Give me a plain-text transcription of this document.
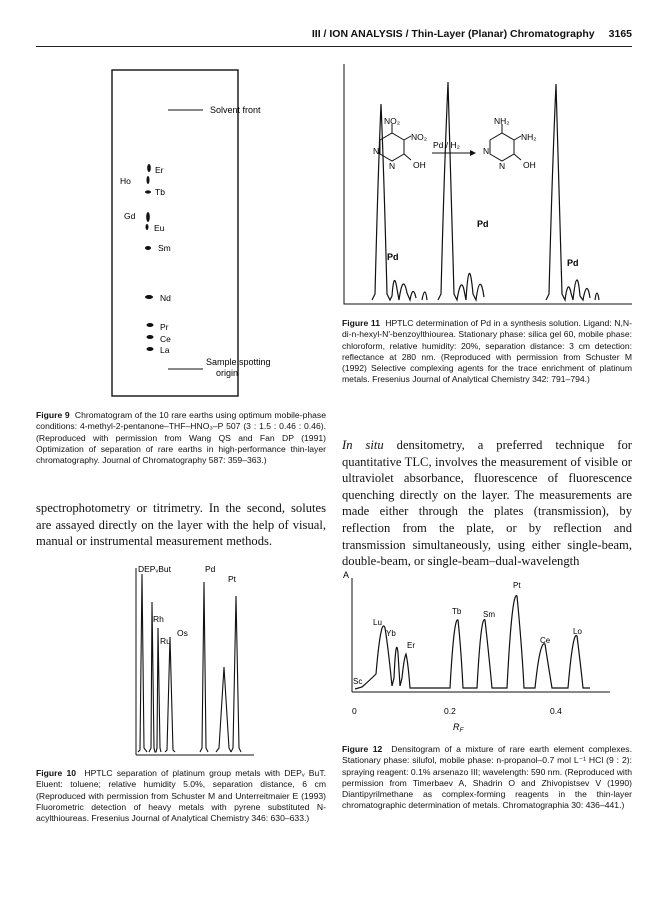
III / ION ANALYSIS / Thin-Layer (Planar) Chromatography 3165
Solvent front
Sample spotting
origin
Er
Ho
Tb
Gd
Eu
Sm
Nd
Pr
Ce
La
Figure 9 Chromatogram of the 10 rare earths using optimum mobile-phase conditions: 4-methyl-2-pentanone–THF–HNO₃–P 507 (3 : 1.5 : 0.46 : 0.46). (Reproduced with permission from Wang QS and Fan DP (1991) Optimization of separation of rare earths in high-performance thin-layer chromatography. Journal of Chromatography 587: 359–363.)
NO₂
NO₂
N
N OH
Pd / H₂
NH₂
NH₂
N
N OH
Pd
Pd
Pd
Figure 11 HPTLC determination of Pd in a synthesis solution. Ligand: N,N-di-n-hexyl-N′-benzoylthiourea. Stationary phase: silica gel 60, mobile phase: chloroform, relative humidity: 20%, separation distance: 3 cm detection: reflectance at 280 nm. (Reproduced with permission from Schuster M (1992) Selective complexing agents for the trace enrichment of platinum metals. Fresenius Journal of Analytical Chemistry 342: 791–794.)
spectrophotometry or titrimetry. In the second, solutes are assayed directly on the layer with the help of visual, manual or instrumental measurement methods.
In situ densitometry, a preferred technique for quantitative TLC, involves the measurement of visible or ultraviolet absorbance, fluorescence of fluorescence quenching directly on the layer. The measurements are made either through the plates (transmission), by reflection from the plate, or by reflection and transmission simultaneously, using either single-beam, double-beam, or single-beam–dual-wavelength
DEPᵥBut	Pd
Pt
Rh
Os
Ru
Figure 10 HPTLC separation of platinum group metals with DEPᵥ BuT. Eluent: toluene; relative humidity 5.0%, separation distance, 6 cm (Reproduced with permission from Schuster M and Unterreitmaier E (1993) Fluorometric detection of heavy metals with pyrene substituted N-acylthioureas. Fresenius Journal of Analytical Chemistry 346: 630–633.)
A
Sc
Lu
Yb
Er
Tb	Sm
Pt
Ce
Lo
0	0.2	0.4
$R_F$
Figure 12 Densitogram of a mixture of rare earth element complexes. Stationary phase: silufol, mobile phase: n-propanol–0.7 mol L⁻¹ HCl (9 : 2): spraying reagent: 0.1% arsenazo III; wavelength: 590 nm. (Reproduced with permission from Timerbaev A, Shadrin O and Zhivopistsev V (1990) Diantipyrilmethane as complex-forming reagents in the thin-layer chromatographic determination of metals. Chromatographia 30: 436–441.)
